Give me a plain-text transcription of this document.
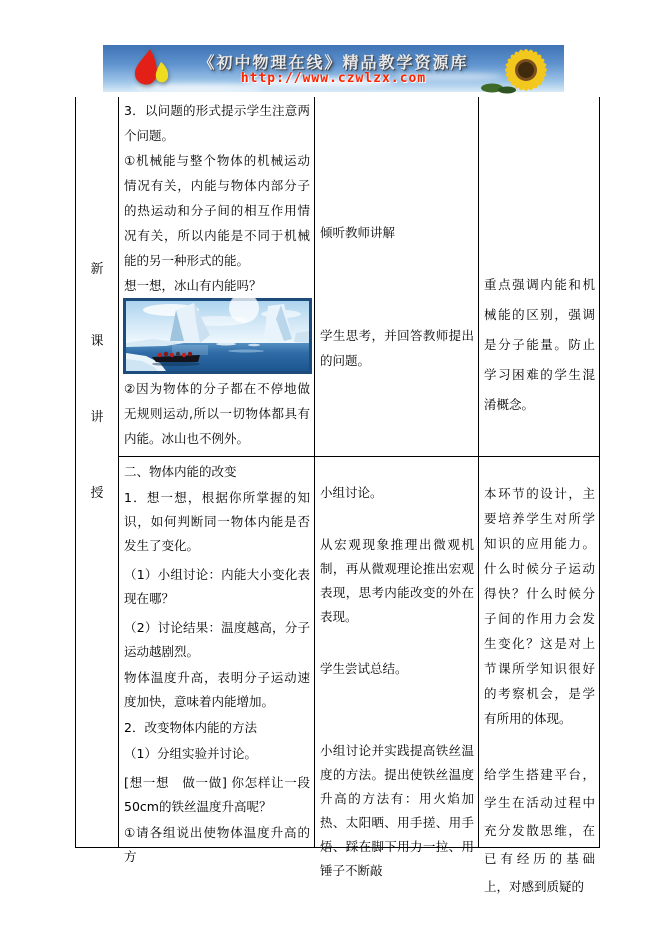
《初中物理在线》精品教学资源库
http://www.czwlzx.com
新
课
讲
授

3．以问题的形式提示学生注意两个问题。

①机械能与整个物体的机械运动情况有关，内能与物体内部分子的热运动和分子间的相互作用情况有关，所以内能是不同于机械能的另一种形式的能。

想一想，冰山有内能吗？

②因为物体的分子都在不停地做无规则运动,所以一切物体都具有内能。冰山也不例外。

倾听教师讲解

学生思考，并回答教师提出的问题。

重点强调内能和机械能的区别，强调是分子能量。防止学习困难的学生混淆概念。

二、物体内能的改变

1．想一想，根据你所掌握的知识，如何判断同一物体内能是否发生了变化。

（1）小组讨论：内能大小变化表现在哪？

（2）讨论结果：温度越高，分子运动越剧烈。

物体温度升高，表明分子运动速度加快，意味着内能增加。

2．改变物体内能的方法

（1）分组实验并讨论。

[想一想　做一做] 你怎样让一段50cm的铁丝温度升高呢？

①请各组说出使物体温度升高的方

小组讨论。

从宏观现象推理出微观机制，再从微观理论推出宏观表现，思考内能改变的外在表现。

学生尝试总结。

小组讨论并实践提高铁丝温度的方法。提出使铁丝温度升高的方法有：用火焰加热、太阳晒、用手搓、用手焐、踩在脚下用力一拉、用锤子不断敲

本环节的设计，主要培养学生对所学知识的应用能力。 什么时候分子运动得快？什么时候分子间的作用力会发生变化？这是对上节课所学知识很好的考察机会，是学有所用的体现。

给学生搭建平台，学生在活动过程中充分发散思维，在已有经历的基础上，对感到质疑的
